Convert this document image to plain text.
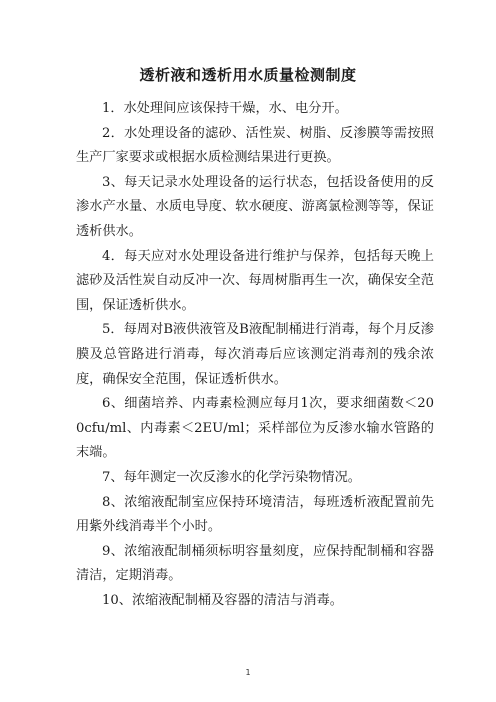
透析液和透析用水质量检测制度

1．水处理间应该保持干燥，水、电分开。

2．水处理设备的滤砂、活性炭、树脂、反渗膜等需按照生产厂家要求或根据水质检测结果进行更换。

3、每天记录水处理设备的运行状态，包括设备使用的反渗水产水量、水质电导度、软水硬度、游离氯检测等等，保证透析供水。

4．每天应对水处理设备进行维护与保养，包括每天晚上滤砂及活性炭自动反冲一次、每周树脂再生一次，确保安全范围，保证透析供水。

5．每周对B液供液管及B液配制桶进行消毒，每个月反渗膜及总管路进行消毒，每次消毒后应该测定消毒剂的残余浓度，确保安全范围，保证透析供水。

6、细菌培养、内毒素检测应每月1次，要求细菌数＜200cfu/ml、内毒素＜2EU/ml；采样部位为反渗水输水管路的末端。

7、每年测定一次反渗水的化学污染物情况。

8、浓缩液配制室应保持环境清洁，每班透析液配置前先用紫外线消毒半个小时。

9、浓缩液配制桶须标明容量刻度，应保持配制桶和容器清洁，定期消毒。

10、浓缩液配制桶及容器的清洁与消毒。

1
